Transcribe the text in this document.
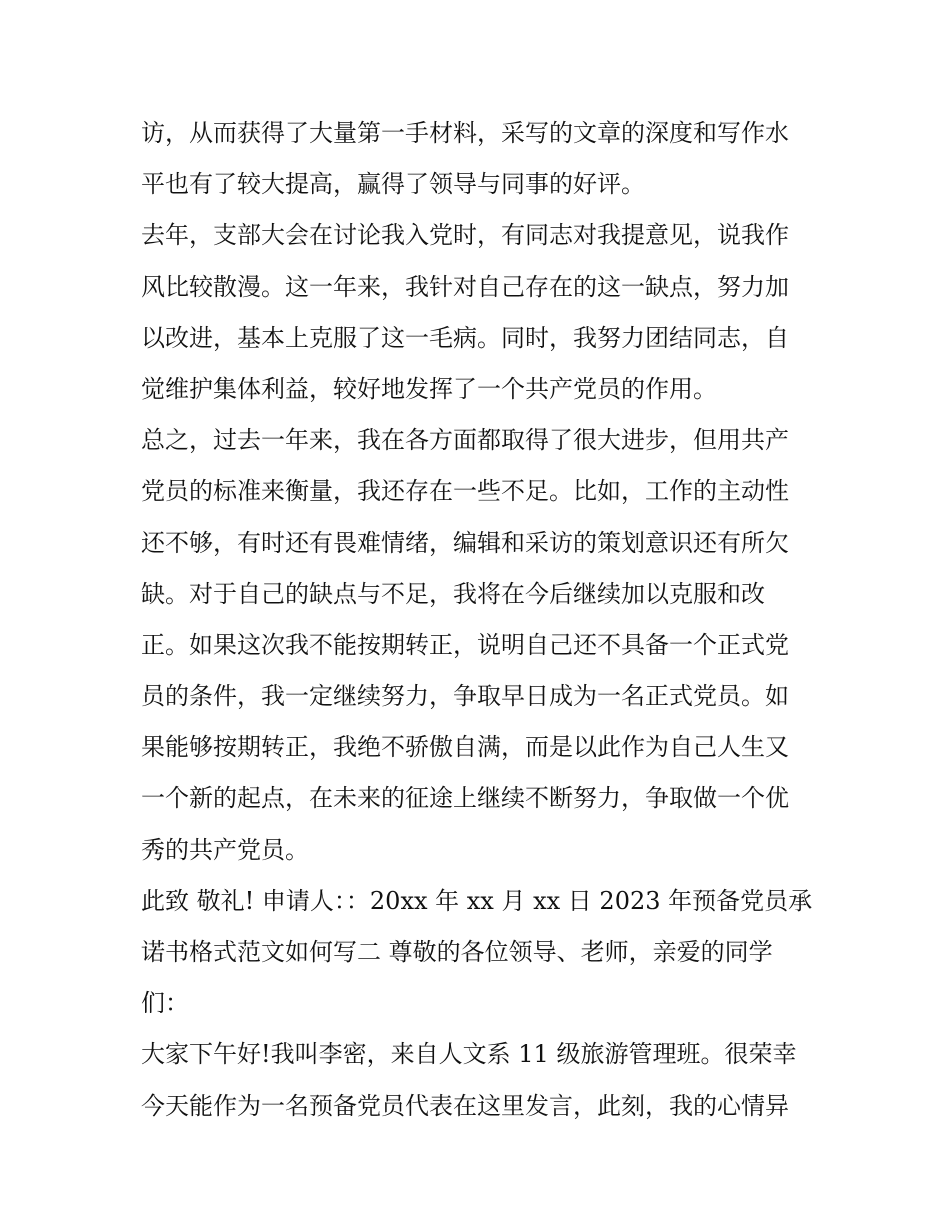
访，从而获得了大量第一手材料，采写的文章的深度和写作水
平也有了较大提高，赢得了领导与同事的好评。
去年，支部大会在讨论我入党时，有同志对我提意见，说我作
风比较散漫。这一年来，我针对自己存在的这一缺点，努力加
以改进，基本上克服了这一毛病。同时，我努力团结同志，自
觉维护集体利益，较好地发挥了一个共产党员的作用。
总之，过去一年来，我在各方面都取得了很大进步，但用共产
党员的标准来衡量，我还存在一些不足。比如，工作的主动性
还不够，有时还有畏难情绪，编辑和采访的策划意识还有所欠
缺。对于自己的缺点与不足，我将在今后继续加以克服和改
正。如果这次我不能按期转正，说明自己还不具备一个正式党
员的条件，我一定继续努力，争取早日成为一名正式党员。如
果能够按期转正，我绝不骄傲自满，而是以此作为自己人生又
一个新的起点，在未来的征途上继续不断努力，争取做一个优
秀的共产党员。
此致 敬礼! 申请人：：20xx 年 xx 月 xx 日 2023 年预备党员承
诺书格式范文如何写二 尊敬的各位领导、老师，亲爱的同学
们：
大家下午好!我叫李密，来自人文系 11 级旅游管理班。很荣幸
今天能作为一名预备党员代表在这里发言，此刻，我的心情异
